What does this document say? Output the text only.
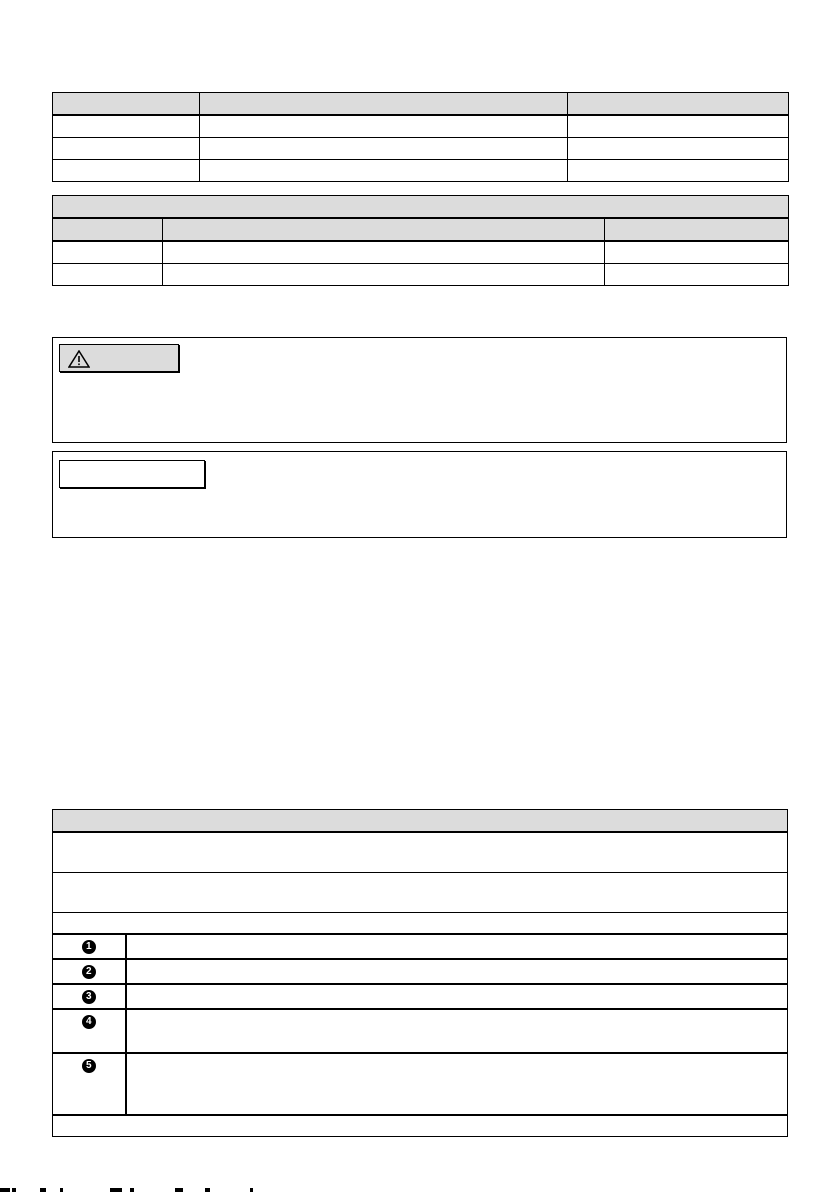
1	
2	
3	
4	
5	
